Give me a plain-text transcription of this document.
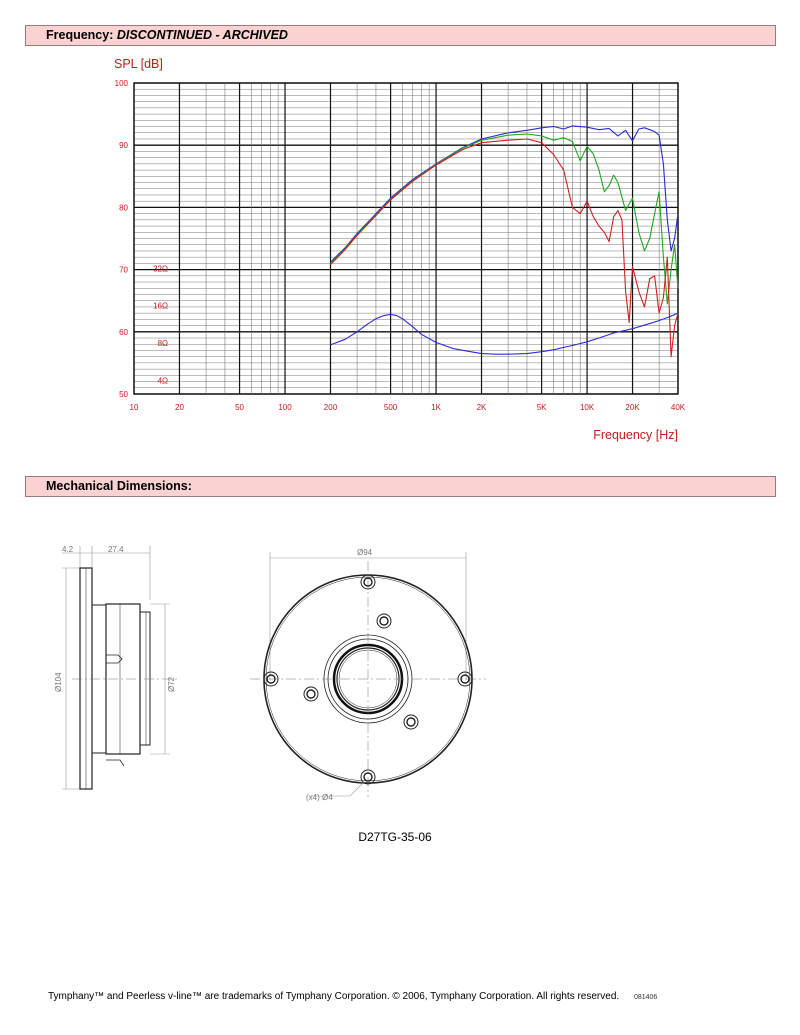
Frequency: DISCONTINUED - ARCHIVED
100
90
80
70
60
50
10	20	50	100	200	500	1K	2K	5K	10K	20K	40K
32Ω
16Ω
8Ω
4Ω
SPL [dB]
Frequency [Hz]
Mechanical Dimensions:
4.2	27.4
Ø104	Ø72
Ø94
(x4) Ø4
D27TG-35-06
Tymphany™ and Peerless v-line™ are trademarks of Tymphany Corporation. © 2006, Tymphany Corporation. All rights reserved. 081406
